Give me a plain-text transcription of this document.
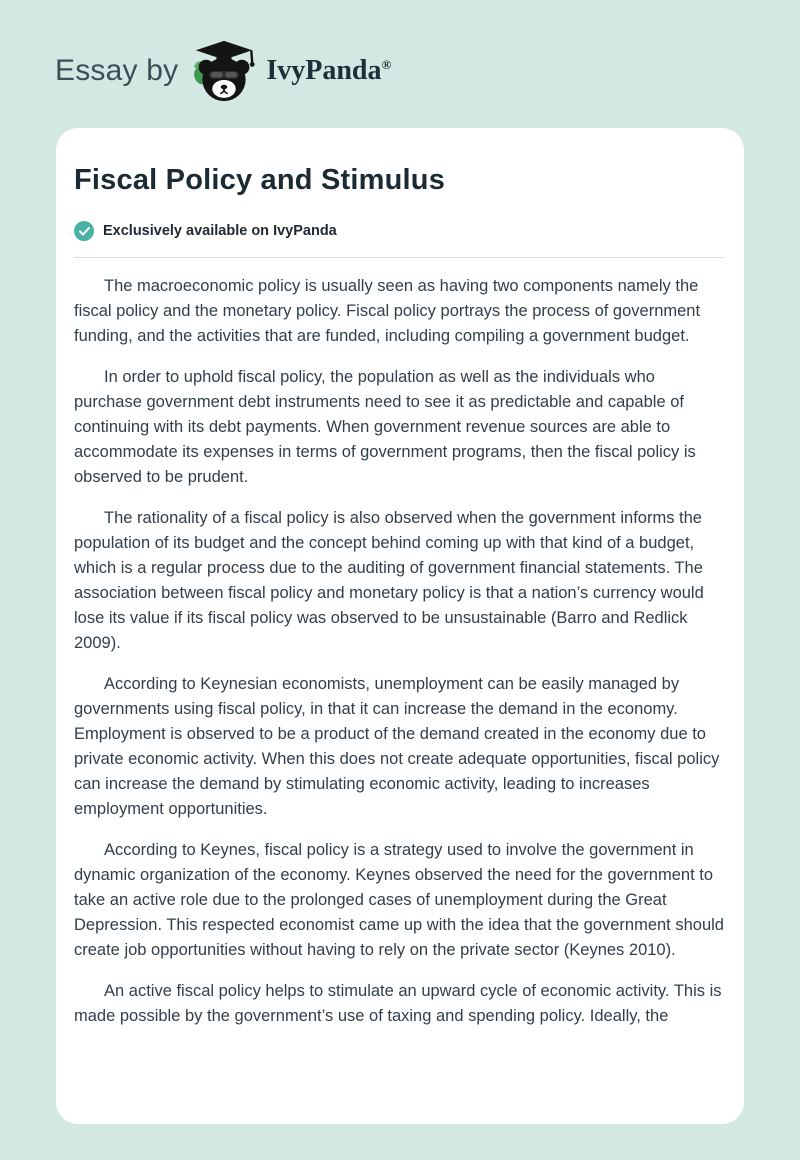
Essay by	IvyPanda®
Fiscal Policy and Stimulus
Exclusively available on IvyPanda

The macroeconomic policy is usually seen as having two components namely the fiscal policy and the monetary policy. Fiscal policy portrays the process of government funding, and the activities that are funded, including compiling a government budget.

In order to uphold fiscal policy, the population as well as the individuals who purchase government debt instruments need to see it as predictable and capable of continuing with its debt payments. When government revenue sources are able to accommodate its expenses in terms of government programs, then the fiscal policy is observed to be prudent.

The rationality of a fiscal policy is also observed when the government informs the population of its budget and the concept behind coming up with that kind of a budget, which is a regular process due to the auditing of government financial statements. The association between fiscal policy and monetary policy is that a nation’s currency would lose its value if its fiscal policy was observed to be unsustainable (Barro and Redlick 2009).

According to Keynesian economists, unemployment can be easily managed by governments using fiscal policy, in that it can increase the demand in the economy. Employment is observed to be a product of the demand created in the economy due to private economic activity. When this does not create adequate opportunities, fiscal policy can increase the demand by stimulating economic activity, leading to increases employment opportunities.

According to Keynes, fiscal policy is a strategy used to involve the government in dynamic organization of the economy. Keynes observed the need for the government to take an active role due to the prolonged cases of unemployment during the Great Depression. This respected economist came up with the idea that the government should create job opportunities without having to rely on the private sector (Keynes 2010).

An active fiscal policy helps to stimulate an upward cycle of economic activity. This is made possible by the government’s use of taxing and spending policy. Ideally, the
